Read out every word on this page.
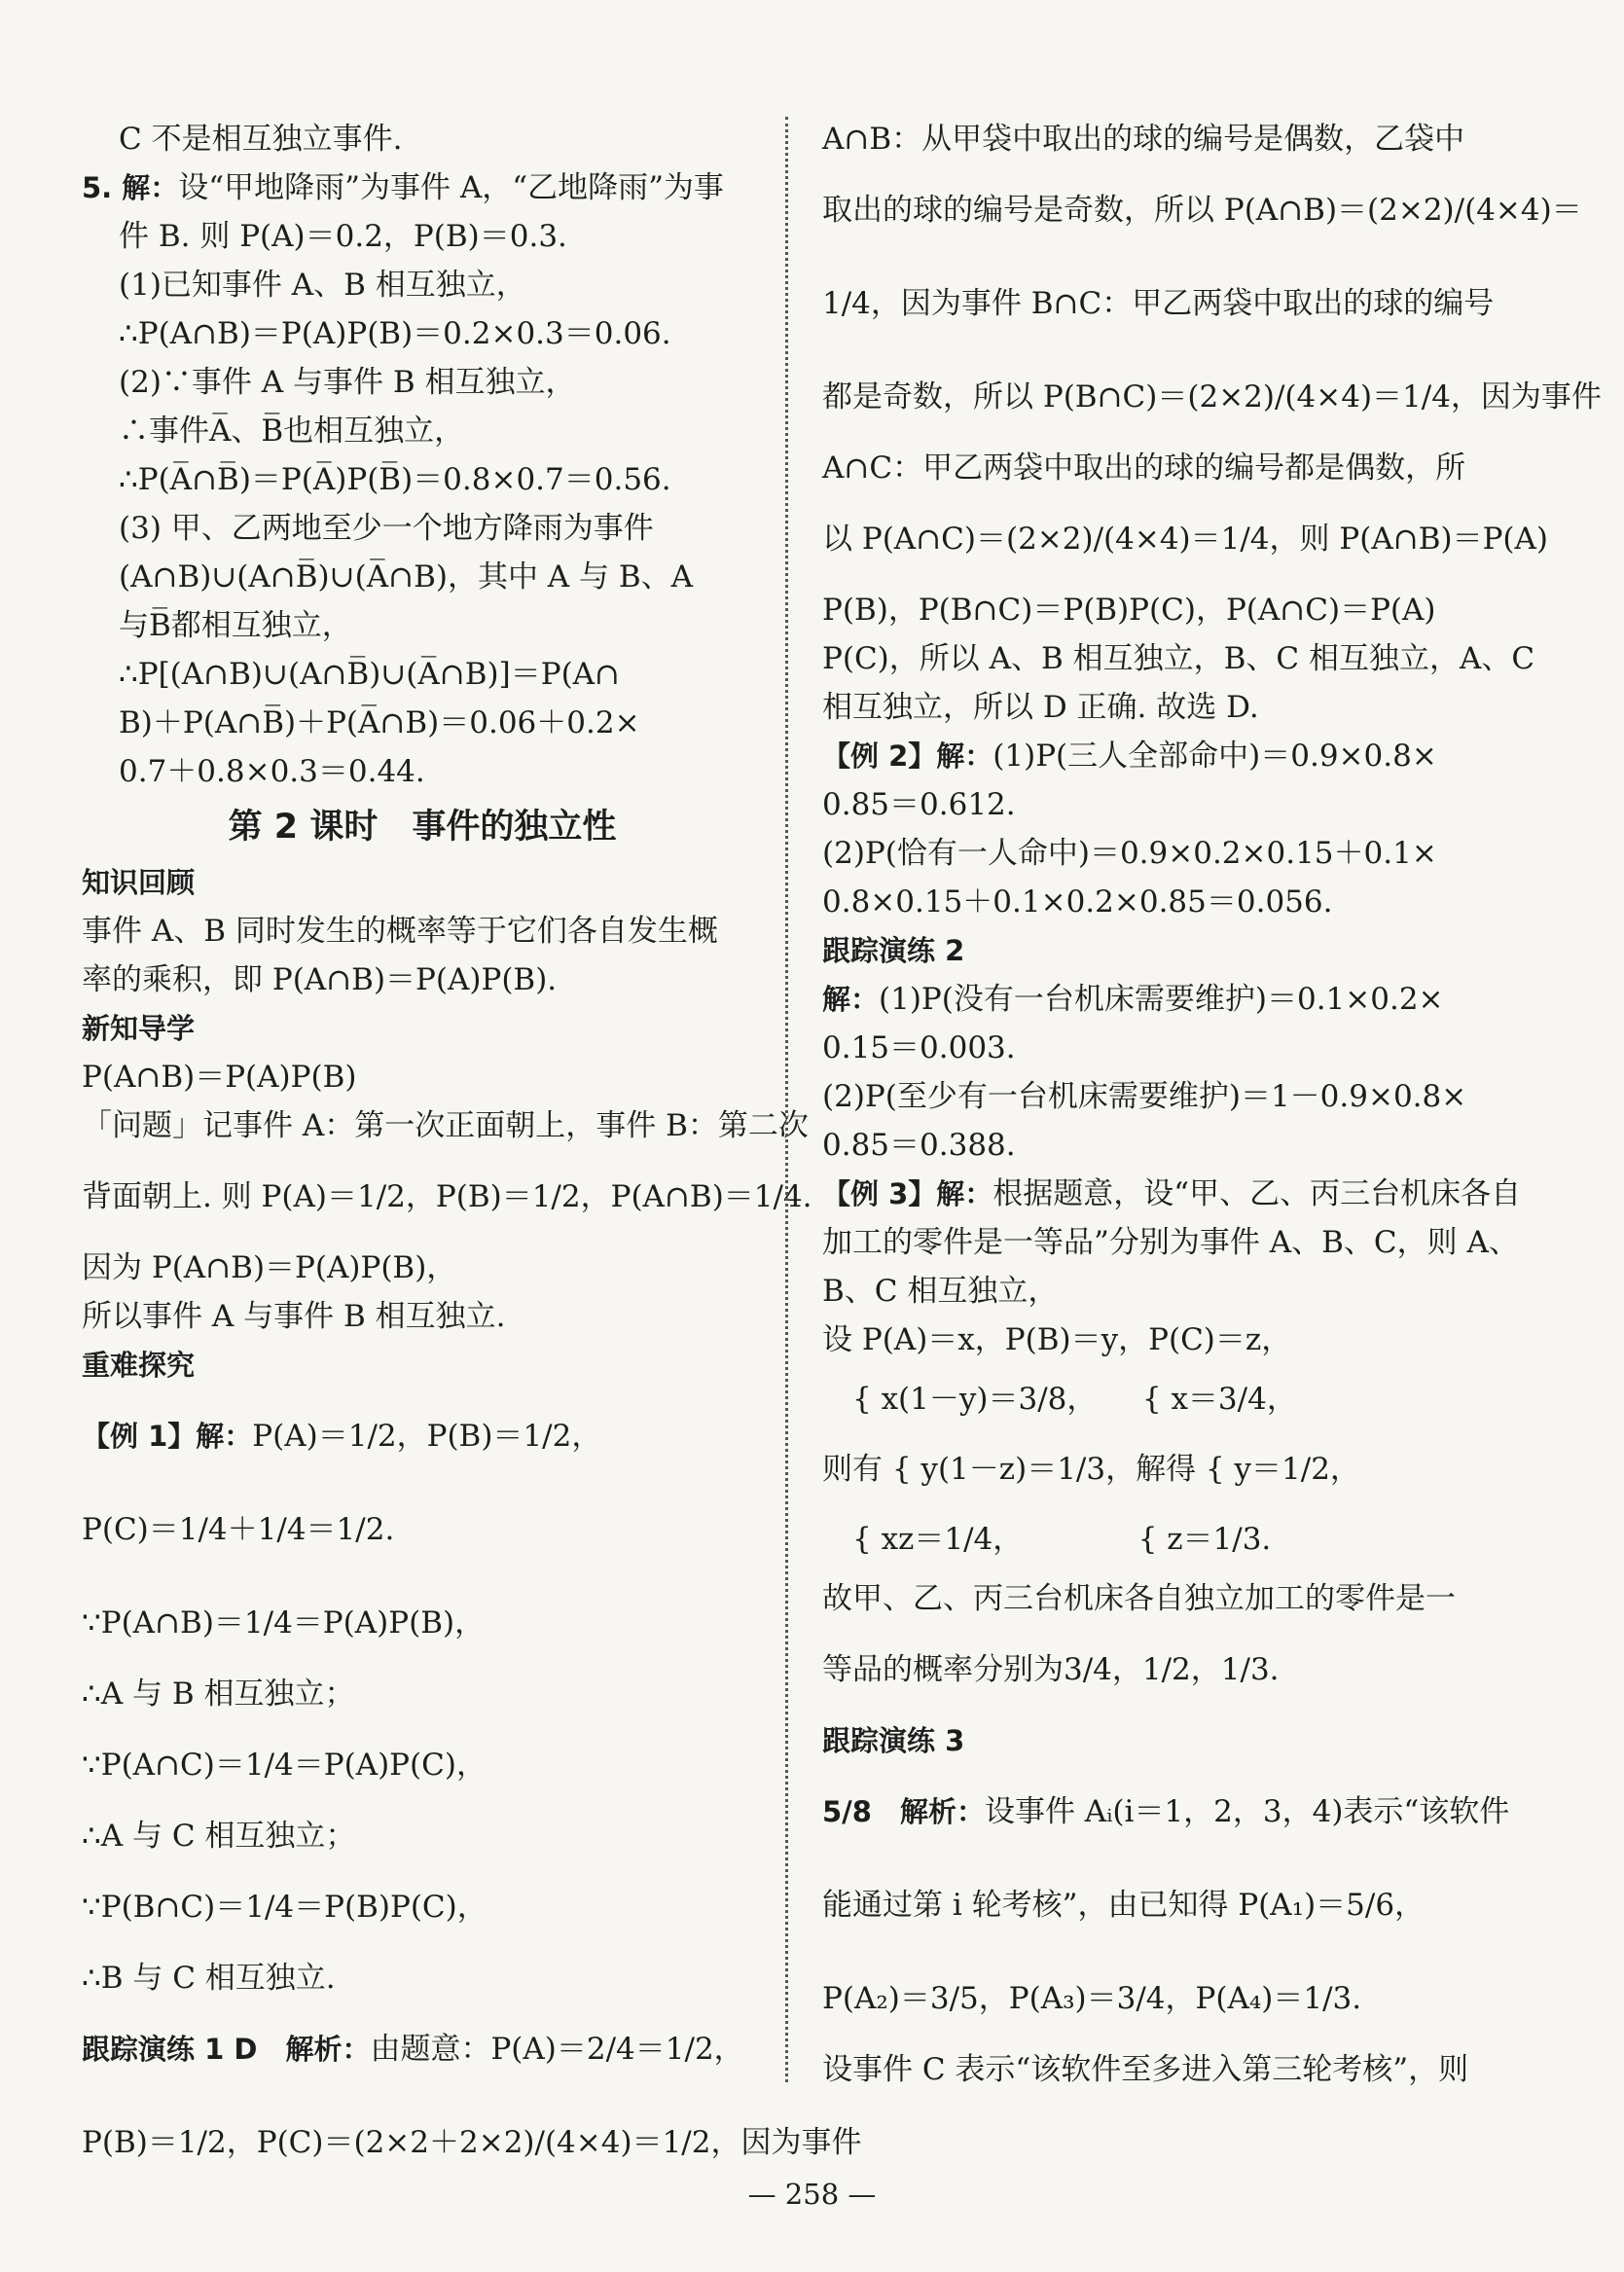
C 不是相互独立事件.
5. 解：设“甲地降雨”为事件 A，“乙地降雨”为事
件 B. 则 P(A)＝0.2，P(B)＝0.3.
(1)已知事件 A、B 相互独立，
∴P(A∩B)＝P(A)P(B)＝0.2×0.3＝0.06.
(2)∵事件 A 与事件 B 相互独立，
∴事件A̅、B̅也相互独立，
∴P(A̅∩B̅)＝P(A̅)P(B̅)＝0.8×0.7＝0.56.
(3) 甲、乙两地至少一个地方降雨为事件
(A∩B)∪(A∩B̅)∪(A̅∩B)，其中 A 与 B、A
与B̅都相互独立，
∴P[(A∩B)∪(A∩B̅)∪(A̅∩B)]＝P(A∩
B)＋P(A∩B̅)＋P(A̅∩B)＝0.06＋0.2×
0.7＋0.8×0.3＝0.44.
第 2 课时　事件的独立性
知识回顾
事件 A、B 同时发生的概率等于它们各自发生概
率的乘积，即 P(A∩B)＝P(A)P(B).
新知导学
P(A∩B)＝P(A)P(B)
「问题」记事件 A：第一次正面朝上，事件 B：第二次
背面朝上. 则 P(A)＝1/2，P(B)＝1/2，P(A∩B)＝1/4.
因为 P(A∩B)＝P(A)P(B)，
所以事件 A 与事件 B 相互独立.
重难探究
【例 1】解：P(A)＝1/2，P(B)＝1/2，
P(C)＝1/4＋1/4＝1/2.
∵P(A∩B)＝1/4＝P(A)P(B)，
∴A 与 B 相互独立；
∵P(A∩C)＝1/4＝P(A)P(C)，
∴A 与 C 相互独立；
∵P(B∩C)＝1/4＝P(B)P(C)，
∴B 与 C 相互独立.
跟踪演练 1 D　解析：由题意：P(A)＝2/4＝1/2，
P(B)＝1/2，P(C)＝(2×2＋2×2)/(4×4)＝1/2，因为事件
A∩B：从甲袋中取出的球的编号是偶数，乙袋中
取出的球的编号是奇数，所以 P(A∩B)＝(2×2)/(4×4)＝
1/4，因为事件 B∩C：甲乙两袋中取出的球的编号
都是奇数，所以 P(B∩C)＝(2×2)/(4×4)＝1/4，因为事件
A∩C：甲乙两袋中取出的球的编号都是偶数，所
以 P(A∩C)＝(2×2)/(4×4)＝1/4，则 P(A∩B)＝P(A)
P(B)，P(B∩C)＝P(B)P(C)，P(A∩C)＝P(A)
P(C)，所以 A、B 相互独立，B、C 相互独立，A、C
相互独立，所以 D 正确. 故选 D.
【例 2】解：(1)P(三人全部命中)＝0.9×0.8×
0.85＝0.612.
(2)P(恰有一人命中)＝0.9×0.2×0.15＋0.1×
0.8×0.15＋0.1×0.2×0.85＝0.056.
跟踪演练 2
解：(1)P(没有一台机床需要维护)＝0.1×0.2×
0.15＝0.003.
(2)P(至少有一台机床需要维护)＝1－0.9×0.8×
0.85＝0.388.
【例 3】解：根据题意，设“甲、乙、丙三台机床各自
加工的零件是一等品”分别为事件 A、B、C，则 A、
B、C 相互独立，
设 P(A)＝x，P(B)＝y，P(C)＝z，
　{ x(1－y)＝3/8，　　{ x＝3/4，
则有 { y(1－z)＝1/3，解得 { y＝1/2，
　{ xz＝1/4，　　　　 { z＝1/3.
故甲、乙、丙三台机床各自独立加工的零件是一
等品的概率分别为3/4，1/2，1/3.
跟踪演练 3
5/8　解析：设事件 Aᵢ(i＝1，2，3，4)表示“该软件
能通过第 i 轮考核”，由已知得 P(A₁)＝5/6，
P(A₂)＝3/5，P(A₃)＝3/4，P(A₄)＝1/3.
设事件 C 表示“该软件至多进入第三轮考核”，则
— 258 —
